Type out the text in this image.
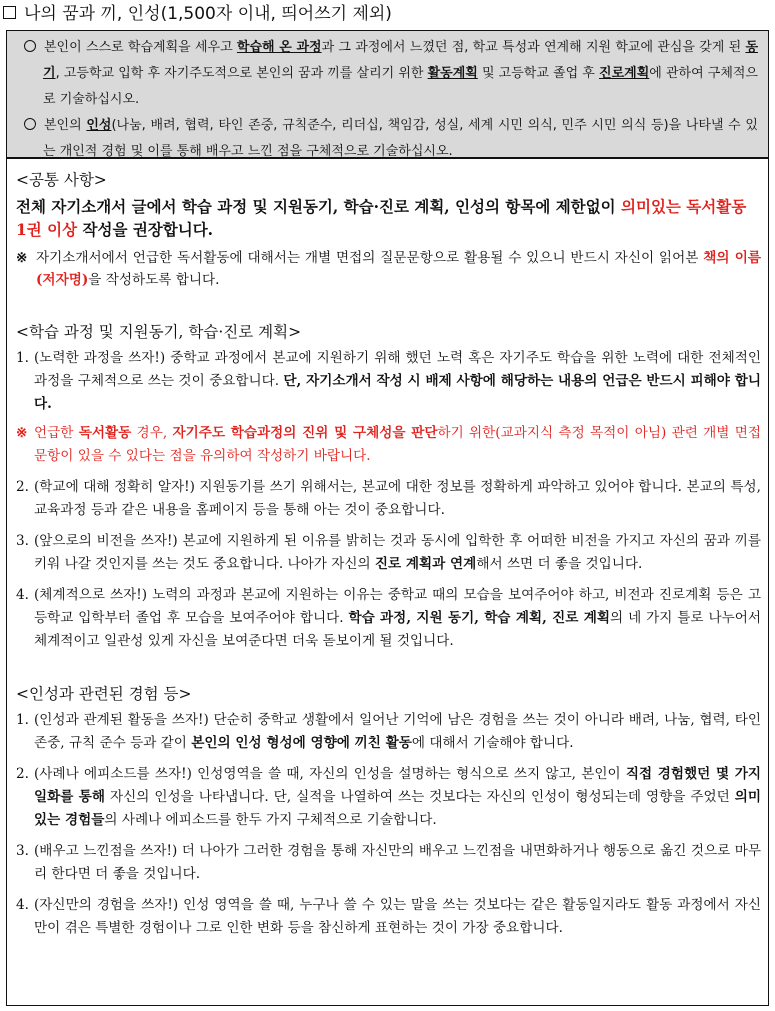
나의 꿈과 끼, 인성(1,500자 이내, 띄어쓰기 제외)

본인이 스스로 학습계획을 세우고 학습해 온 과정과 그 과정에서 느꼈던 점, 학교 특성과 연계해 지원 학교에 관심을 갖게 된 동기, 고등학교 입학 후 자기주도적으로 본인의 꿈과 끼를 살리기 위한 활동계획 및 고등학교 졸업 후 진로계획에 관하여 구체적으로 기술하십시오.

본인의 인성(나눔, 배려, 협력, 타인 존중, 규칙준수, 리더십, 책임감, 성실, 세계 시민 의식, 민주 시민 의식 등)을 나타낼 수 있는 개인적 경험 및 이를 통해 배우고 느낀 점을 구체적으로 기술하십시오.

<공통 사항>
전체 자기소개서 글에서 학습 과정 및 지원동기, 학습·진로 계획, 인성의 항목에 제한없이 의미있는 독서활동 1권 이상 작성을 권장합니다.
※ 자기소개서에서 언급한 독서활동에 대해서는 개별 면접의 질문문항으로 활용될 수 있으니 반드시 자신이 읽어본 책의 이름(저자명)을 작성하도록 합니다.
<학습 과정 및 지원동기, 학습·진로 계획>

1. (노력한 과정을 쓰자!) 중학교 과정에서 본교에 지원하기 위해 했던 노력 혹은 자기주도 학습을 위한 노력에 대한 전체적인 과정을 구체적으로 쓰는 것이 중요합니다. 단, 자기소개서 작성 시 배제 사항에 해당하는 내용의 언급은 반드시 피해야 합니다.

※ 언급한 독서활동 경우, 자기주도 학습과정의 진위 및 구체성을 판단하기 위한(교과지식 측정 목적이 아님) 관련 개별 면접 문항이 있을 수 있다는 점을 유의하여 작성하기 바랍니다.

2. (학교에 대해 정확히 알자!) 지원동기를 쓰기 위해서는, 본교에 대한 정보를 정확하게 파악하고 있어야 합니다. 본교의 특성, 교육과정 등과 같은 내용을 홈페이지 등을 통해 아는 것이 중요합니다.

3. (앞으로의 비전을 쓰자!) 본교에 지원하게 된 이유를 밝히는 것과 동시에 입학한 후 어떠한 비전을 가지고 자신의 꿈과 끼를 키워 나갈 것인지를 쓰는 것도 중요합니다. 나아가 자신의 진로 계획과 연계해서 쓰면 더 좋을 것입니다.

4. (체계적으로 쓰자!) 노력의 과정과 본교에 지원하는 이유는 중학교 때의 모습을 보여주어야 하고, 비전과 진로계획 등은 고등학교 입학부터 졸업 후 모습을 보여주어야 합니다. 학습 과정, 지원 동기, 학습 계획, 진로 계획의 네 가지 틀로 나누어서 체계적이고 일관성 있게 자신을 보여준다면 더욱 돋보이게 될 것입니다.

<인성과 관련된 경험 등>

1. (인성과 관계된 활동을 쓰자!) 단순히 중학교 생활에서 일어난 기억에 남은 경험을 쓰는 것이 아니라 배려, 나눔, 협력, 타인 존중, 규칙 준수 등과 같이 본인의 인성 형성에 영향에 끼친 활동에 대해서 기술해야 합니다.

2. (사례나 에피소드를 쓰자!) 인성영역을 쓸 때, 자신의 인성을 설명하는 형식으로 쓰지 않고, 본인이 직접 경험했던 몇 가지 일화를 통해 자신의 인성을 나타냅니다. 단, 실적을 나열하여 쓰는 것보다는 자신의 인성이 형성되는데 영향을 주었던 의미 있는 경험들의 사례나 에피소드를 한두 가지 구체적으로 기술합니다.

3. (배우고 느낀점을 쓰자!) 더 나아가 그러한 경험을 통해 자신만의 배우고 느낀점을 내면화하거나 행동으로 옮긴 것으로 마무리 한다면 더 좋을 것입니다.

4. (자신만의 경험을 쓰자!) 인성 영역을 쓸 때, 누구나 쓸 수 있는 말을 쓰는 것보다는 같은 활동일지라도 활동 과정에서 자신만이 겪은 특별한 경험이나 그로 인한 변화 등을 참신하게 표현하는 것이 가장 중요합니다.
